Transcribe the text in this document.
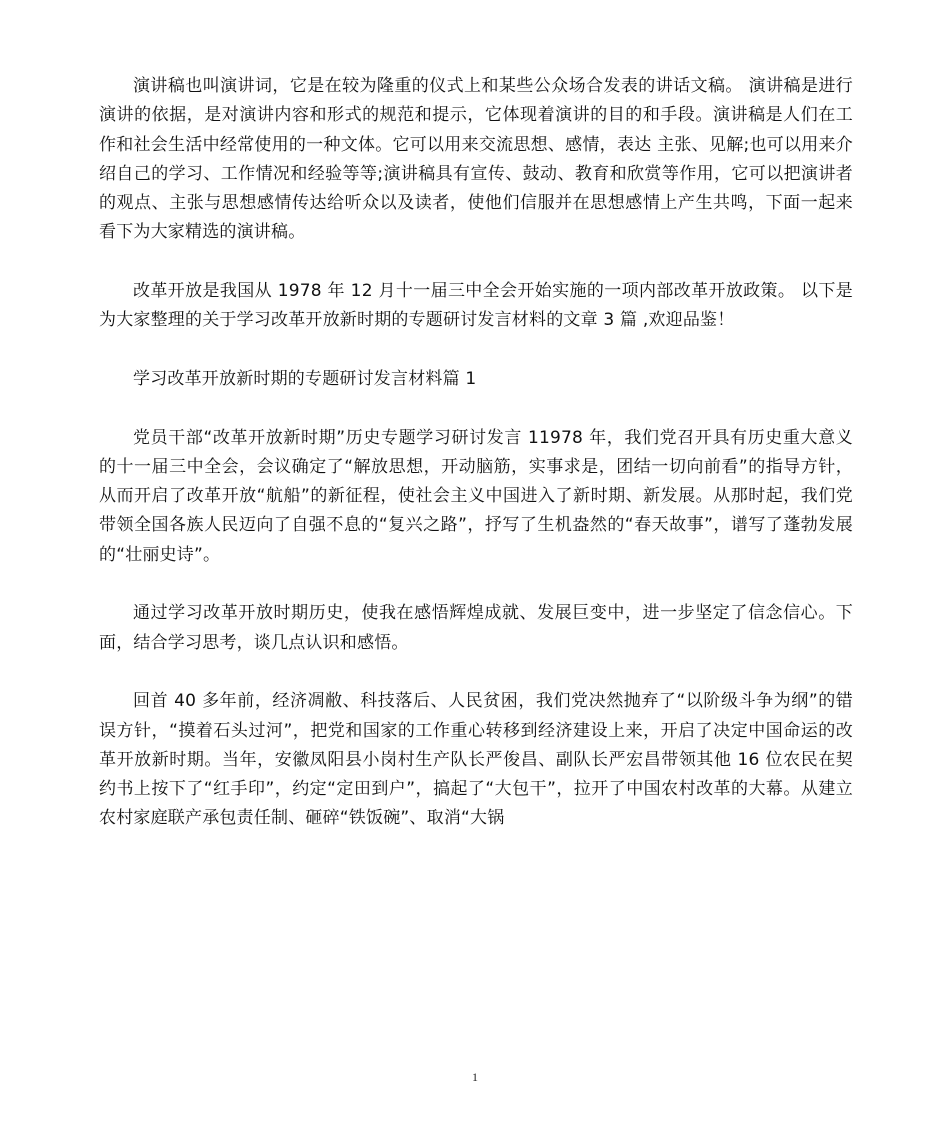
演讲稿也叫演讲词，它是在较为隆重的仪式上和某些公众场合发表的讲话文稿。 演讲稿是进行演讲的依据，是对演讲内容和形式的规范和提示，它体现着演讲的目的和手段。演讲稿是人们在工作和社会生活中经常使用的一种文体。它可以用来交流思想、感情，表达 主张、见解;也可以用来介绍自己的学习、工作情况和经验等等;演讲稿具有宣传、鼓动、教育和欣赏等作用，它可以把演讲者的观点、主张与思想感情传达给听众以及读者，使他们信服并在思想感情上产生共鸣，下面一起来看下为大家精选的演讲稿。

改革开放是我国从 1978 年 12 月十一届三中全会开始实施的一项内部改革开放政策。 以下是为大家整理的关于学习改革开放新时期的专题研讨发言材料的文章 3 篇 ,欢迎品鉴！

学习改革开放新时期的专题研讨发言材料篇 1

党员干部“改革开放新时期”历史专题学习研讨发言 11978 年，我们党召开具有历史重大意义的十一届三中全会，会议确定了“解放思想，开动脑筋，实事求是，团结一切向前看”的指导方针，从而开启了改革开放“航船”的新征程，使社会主义中国进入了新时期、新发展。从那时起，我们党带领全国各族人民迈向了自强不息的“复兴之路”，抒写了生机盎然的“春天故事”，谱写了蓬勃发展的“壮丽史诗”。

通过学习改革开放时期历史，使我在感悟辉煌成就、发展巨变中，进一步坚定了信念信心。下面，结合学习思考，谈几点认识和感悟。

回首 40 多年前，经济凋敝、科技落后、人民贫困，我们党决然抛弃了“以阶级斗争为纲”的错误方针，“摸着石头过河”，把党和国家的工作重心转移到经济建设上来，开启了决定中国命运的改革开放新时期。当年，安徽凤阳县小岗村生产队长严俊昌、副队长严宏昌带领其他 16 位农民在契约书上按下了“红手印”，约定“定田到户”，搞起了“大包干”，拉开了中国农村改革的大幕。从建立农村家庭联产承包责任制、砸碎“铁饭碗”、取消“大锅

1
